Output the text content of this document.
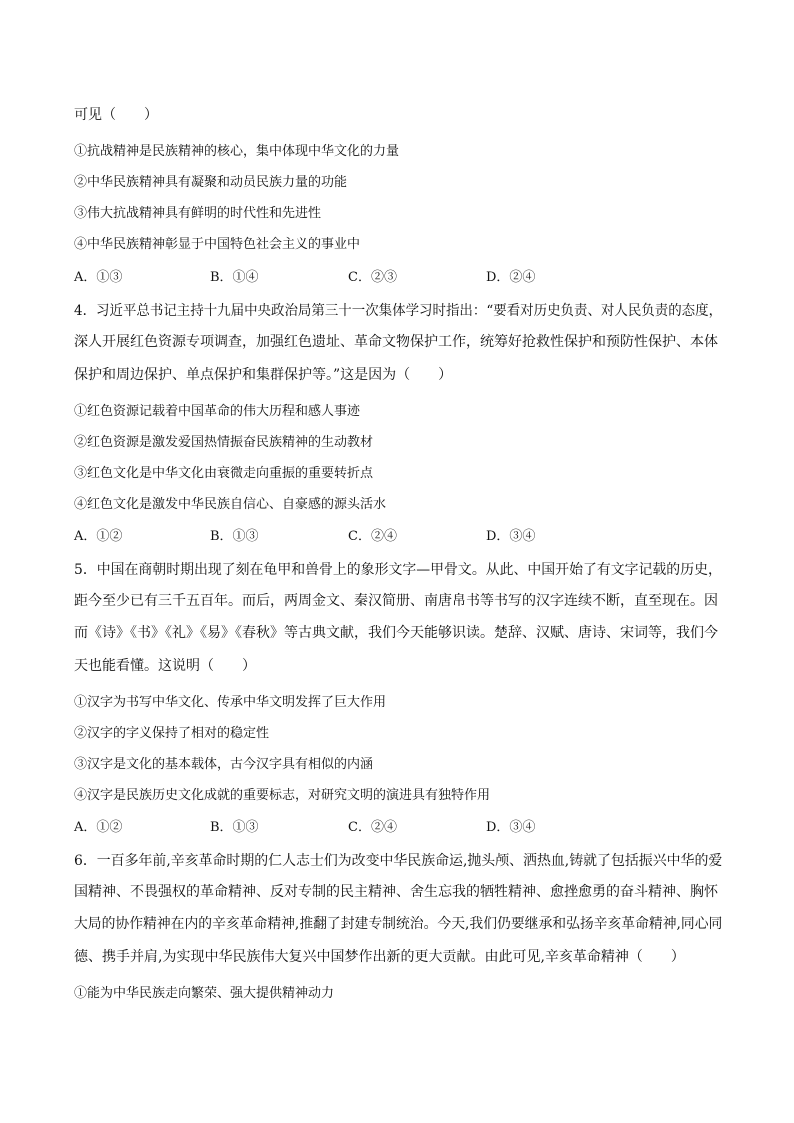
可见（　　）
①抗战精神是民族精神的核心，集中体现中华文化的力量
②中华民族精神具有凝聚和动员民族力量的功能
③伟大抗战精神具有鲜明的时代性和先进性
④中华民族精神彰显于中国特色社会主义的事业中
A．①③	B．①④	C．②③	D．②④
4．习近平总书记主持十九届中央政治局第三十一次集体学习时指出：“要看对历史负责、对人民负责的态度，
深人开展红色资源专项调查，加强红色遗址、革命文物保护工作，统筹好抢救性保护和预防性保护、本体
保护和周边保护、单点保护和集群保护等。”这是因为（　　）
①红色资源记载着中国革命的伟大历程和感人事迹
②红色资源是激发爱国热情振奋民族精神的生动教材
③红色文化是中华文化由衰微走向重振的重要转折点
④红色文化是激发中华民族自信心、自豪感的源头活水
A．①②	B．①③	C．②④	D．③④
5．中国在商朝时期出现了刻在龟甲和兽骨上的象形文字—甲骨文。从此、中国开始了有文字记载的历史，
距今至少已有三千五百年。而后，两周金文、秦汉简册、南唐帛书等书写的汉字连续不断，直至现在。因
而《诗》《书》《礼》《易》《春秋》等古典文献，我们今天能够识读。楚辞、汉赋、唐诗、宋词等，我们今
天也能看懂。这说明（　　）
①汉字为书写中华文化、传承中华文明发挥了巨大作用
②汉字的字义保持了相对的稳定性
③汉字是文化的基本载体，古今汉字具有相似的内涵
④汉字是民族历史文化成就的重要标志，对研究文明的演进具有独特作用
A．①②	B．①③	C．②④	D．③④
6．一百多年前,辛亥革命时期的仁人志士们为改变中华民族命运,抛头颅、洒热血,铸就了包括振兴中华的爱
国精神、不畏强权的革命精神、反对专制的民主精神、舍生忘我的牺牲精神、愈挫愈勇的奋斗精神、胸怀
大局的协作精神在内的辛亥革命精神,推翻了封建专制统治。今天,我们仍要继承和弘扬辛亥革命精神,同心同
德、携手并肩,为实现中华民族伟大复兴中国梦作出新的更大贡献。由此可见,辛亥革命精神（　　）
①能为中华民族走向繁荣、强大提供精神动力
